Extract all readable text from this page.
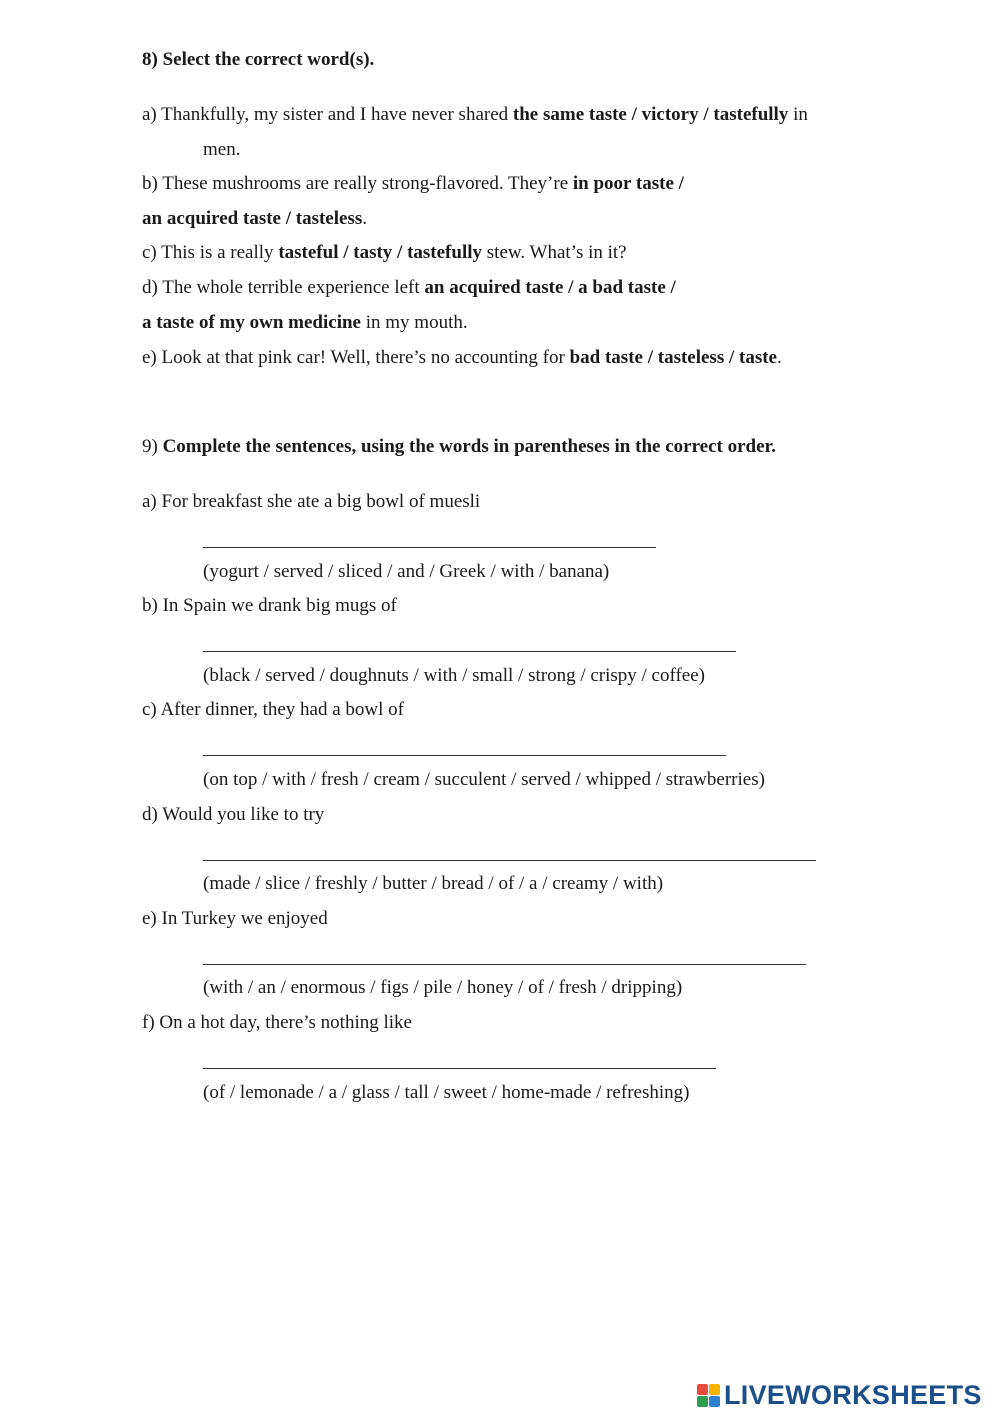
8) Select the correct word(s).
a) Thankfully, my sister and I have never shared the same taste / victory / tastefully in
men.
b) These mushrooms are really strong-flavored. They’re in poor taste /
an acquired taste / tasteless.
c) This is a really tasteful / tasty / tastefully stew. What’s in it?
d) The whole terrible experience left an acquired taste / a bad taste /
a taste of my own medicine in my mouth.
e) Look at that pink car! Well, there’s no accounting for bad taste / tasteless / taste.
9) Complete the sentences, using the words in parentheses in the correct order.
a) For breakfast she ate a big bowl of muesli
(yogurt / served / sliced / and / Greek / with / banana)
b) In Spain we drank big mugs of
(black / served / doughnuts / with / small / strong / crispy / coffee)
c) After dinner, they had a bowl of
(on top / with / fresh / cream / succulent / served / whipped / strawberries)
d) Would you like to try
(made / slice / freshly / butter / bread / of / a / creamy / with)
e) In Turkey we enjoyed
(with / an / enormous / figs / pile / honey / of / fresh / dripping)
f) On a hot day, there’s nothing like
(of / lemonade / a / glass / tall / sweet / home-made / refreshing)
LIVEWORKSHEETS
